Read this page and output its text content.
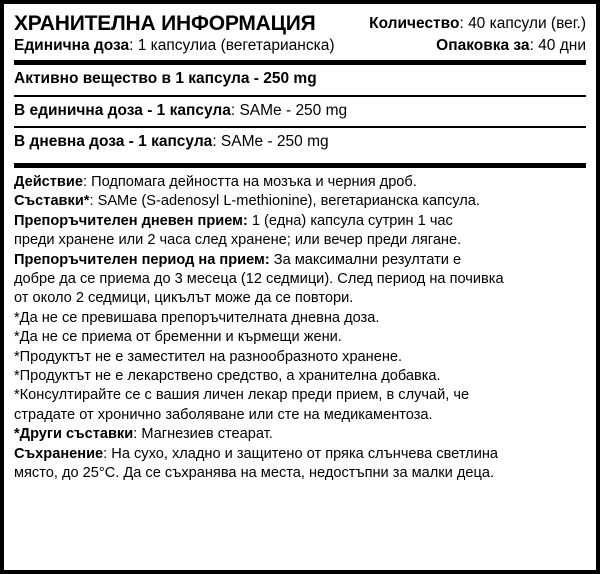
ХРАНИТЕЛНА ИНФОРМАЦИЯ	Количество: 40 капсули (вег.)
Единична доза: 1 капсулиа (вегетарианска)	Опаковка за: 40 дни
Активно вещество в 1 капсула - 250 mg
В единична доза - 1 капсула: SAMe - 250 mg
В дневна доза - 1 капсула: SAMe - 250 mg

Действие: Подпомага дейността на мозъка и черния дроб.

Съставки*: SAMe (S-adenosyl L-methionine), вегетарианска капсула.

Препоръчителен дневен прием: 1 (една) капсула сутрин 1 час

преди хранене или 2 часа след хранене; или вечер преди лягане.

Препоръчителен период на прием: За максимални резултати е

добре да се приема до 3 месеца (12 седмици). След период на почивка

от около 2 седмици, цикълът може да се повтори.

*Да не се превишава препоръчителната дневна доза.

*Да не се приема от бременни и кърмещи жени.

*Продуктът не е заместител на разнообразното хранене.

*Продуктът не е лекарствено средство, а хранителна добавка.

*Консултирайте се с вашия личен лекар преди прием, в случай, че

страдате от хронично заболяване или сте на медикаментоза.

*Други съставки: Магнезиев стеарат.

Съхранение: На сухо, хладно и защитено от пряка слънчева светлина

място, до 25°C. Да се съхранява на места, недостъпни за малки деца.
